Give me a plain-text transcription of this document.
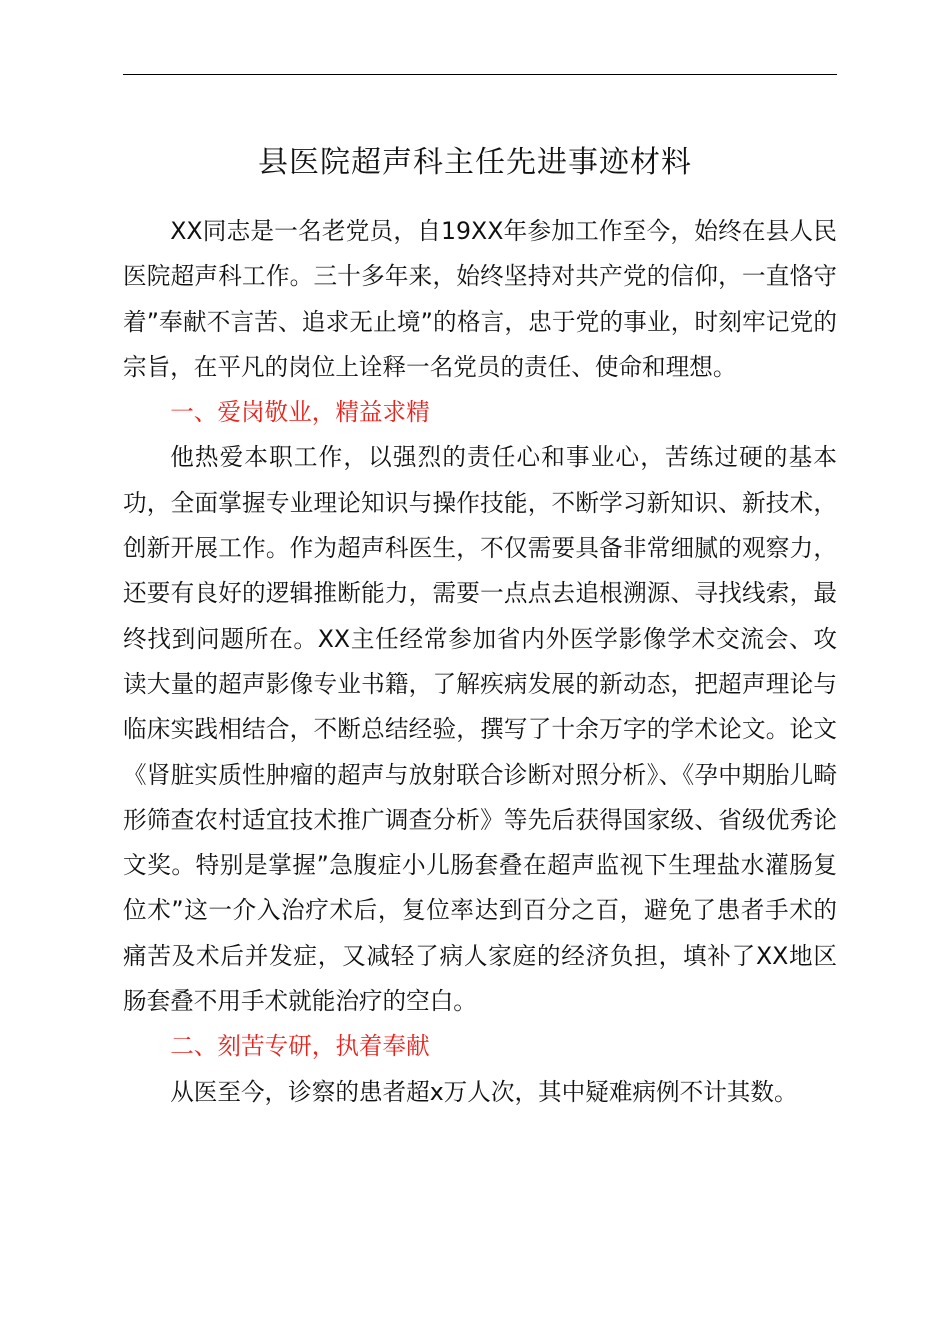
县医院超声科主任先进事迹材料

XX同志是一名老党员，自19XX年参加工作至今，始终在县人民医院超声科工作。三十多年来，始终坚持对共产党的信仰，一直恪守着”奉献不言苦、追求无止境”的格言，忠于党的事业，时刻牢记党的宗旨，在平凡的岗位上诠释一名党员的责任、使命和理想。

一、爱岗敬业，精益求精

他热爱本职工作，以强烈的责任心和事业心，苦练过硬的基本功，全面掌握专业理论知识与操作技能，不断学习新知识、新技术，创新开展工作。作为超声科医生，不仅需要具备非常细腻的观察力，还要有良好的逻辑推断能力，需要一点点去追根溯源、寻找线索，最终找到问题所在。XX主任经常参加省内外医学影像学术交流会、攻读大量的超声影像专业书籍，了解疾病发展的新动态，把超声理论与临床实践相结合，不断总结经验，撰写了十余万字的学术论文。论文《肾脏实质性肿瘤的超声与放射联合诊断对照分析》、《孕中期胎儿畸形筛查农村适宜技术推广调查分析》等先后获得国家级、省级优秀论文奖。特别是掌握”急腹症小儿肠套叠在超声监视下生理盐水灌肠复位术”这一介入治疗术后，复位率达到百分之百，避免了患者手术的痛苦及术后并发症，又减轻了病人家庭的经济负担，填补了XX地区肠套叠不用手术就能治疗的空白。

二、刻苦专研，执着奉献

从医至今，诊察的患者超x万人次，其中疑难病例不计其数。
